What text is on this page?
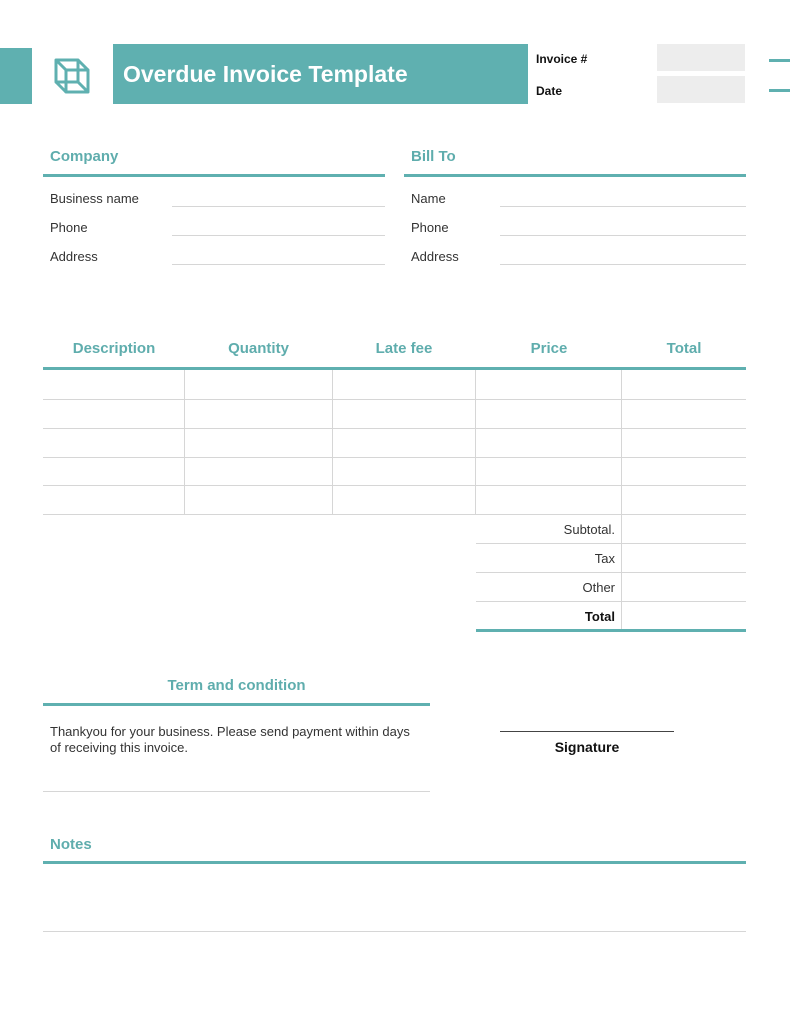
Overdue Invoice Template
Invoice #
Date
Company
Business name
Phone
Address
Bill To
Name
Phone
Address
Description	Quantity	Late fee	Price	Total
Subtotal.
Tax
Other
Total
Term and condition
Thankyou for your business. Please send payment within days of receiving this invoice.	Signature
Notes
